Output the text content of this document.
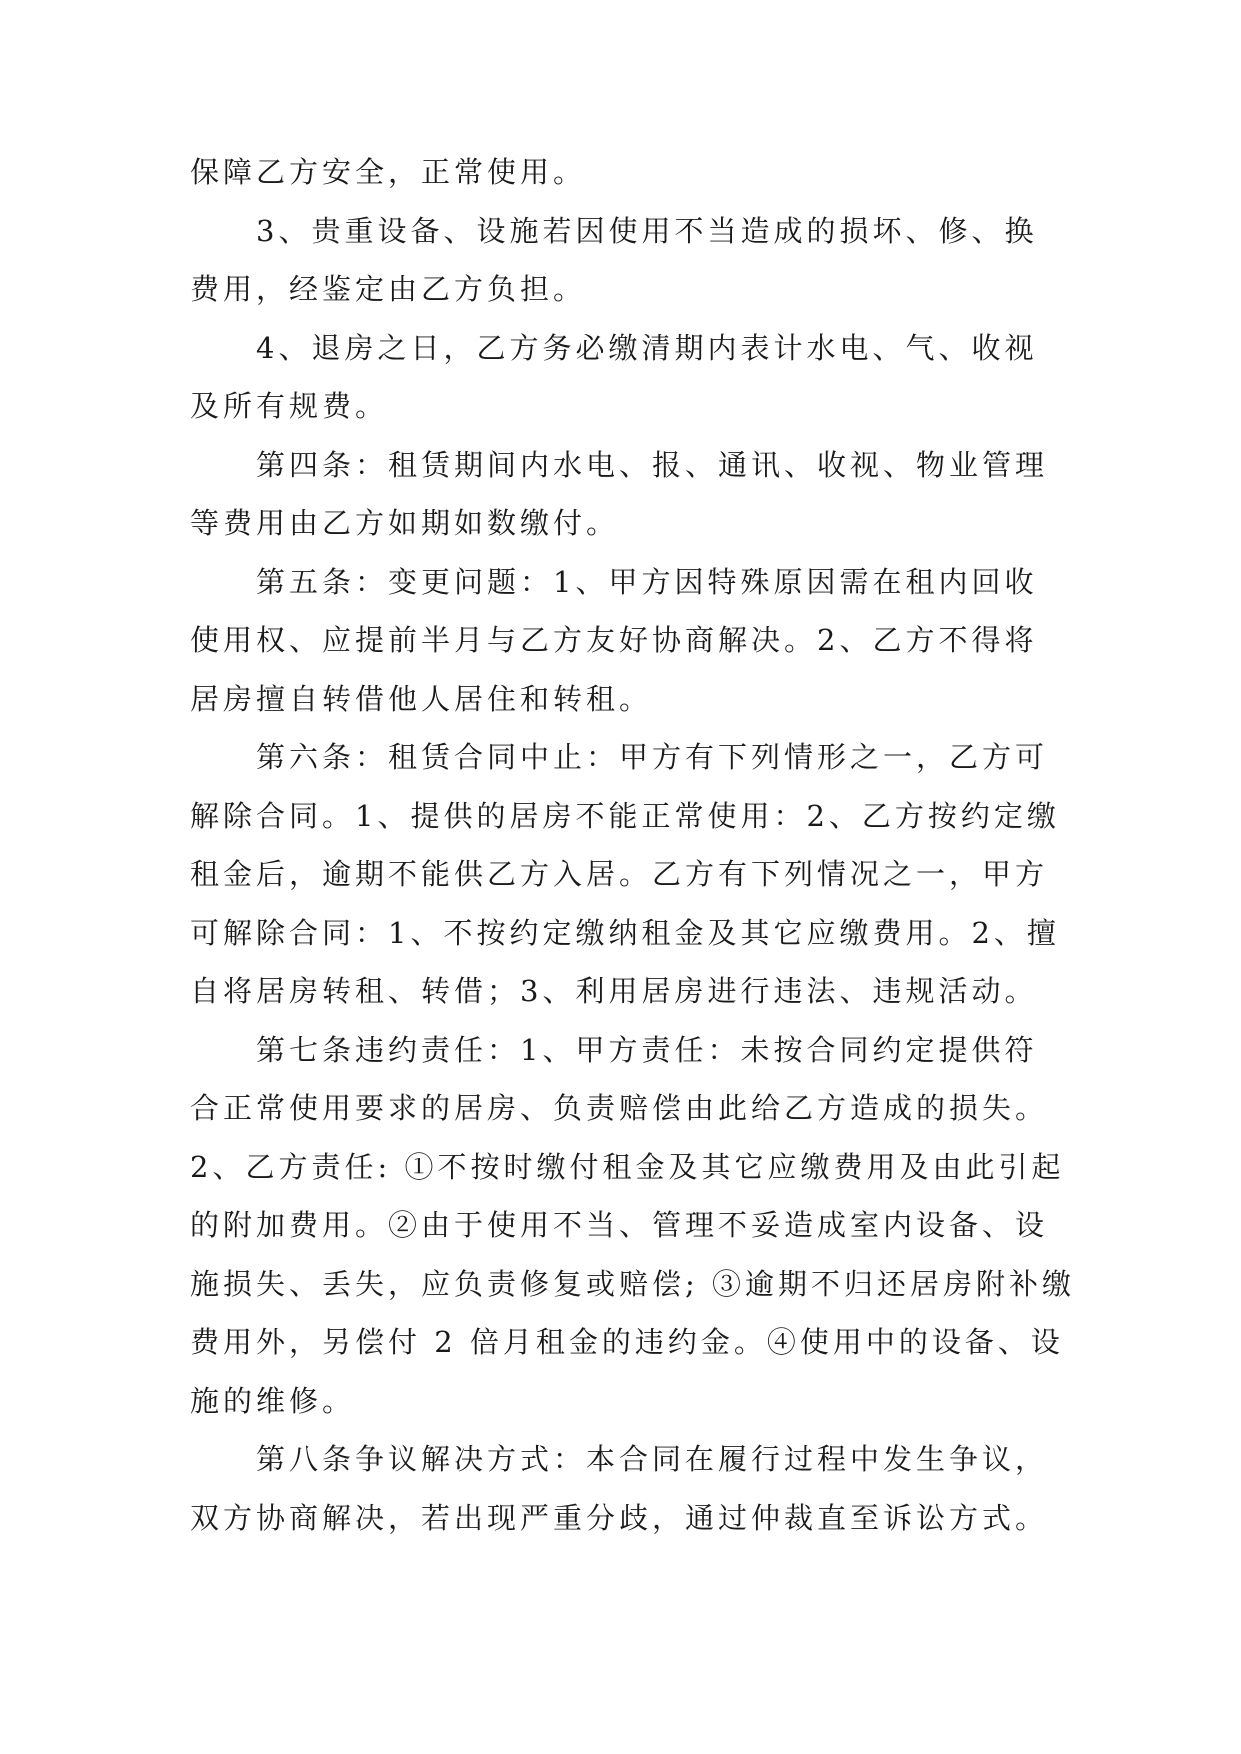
保障乙方安全，正常使用。
3、贵重设备、设施若因使用不当造成的损坏、修、换
费用，经鉴定由乙方负担。
4、退房之日，乙方务必缴清期内表计水电、气、收视
及所有规费。
第四条：租赁期间内水电、报、通讯、收视、物业管理
等费用由乙方如期如数缴付。
第五条：变更问题：1、甲方因特殊原因需在租内回收
使用权、应提前半月与乙方友好协商解决。2、乙方不得将
居房擅自转借他人居住和转租。
第六条：租赁合同中止：甲方有下列情形之一，乙方可
解除合同。1、提供的居房不能正常使用：2、乙方按约定缴
租金后，逾期不能供乙方入居。乙方有下列情况之一，甲方
可解除合同：1、不按约定缴纳租金及其它应缴费用。2、擅
自将居房转租、转借；3、利用居房进行违法、违规活动。
第七条违约责任：1、甲方责任：未按合同约定提供符
合正常使用要求的居房、负责赔偿由此给乙方造成的损失。
2、乙方责任: ①不按时缴付租金及其它应缴费用及由此引起
的附加费用。②由于使用不当、管理不妥造成室内设备、设
施损失、丢失，应负责修复或赔偿; ③逾期不归还居房附补缴
费用外，另偿付 2 倍月租金的违约金。④使用中的设备、设
施的维修。
第八条争议解决方式：本合同在履行过程中发生争议，
双方协商解决，若出现严重分歧，通过仲裁直至诉讼方式。
